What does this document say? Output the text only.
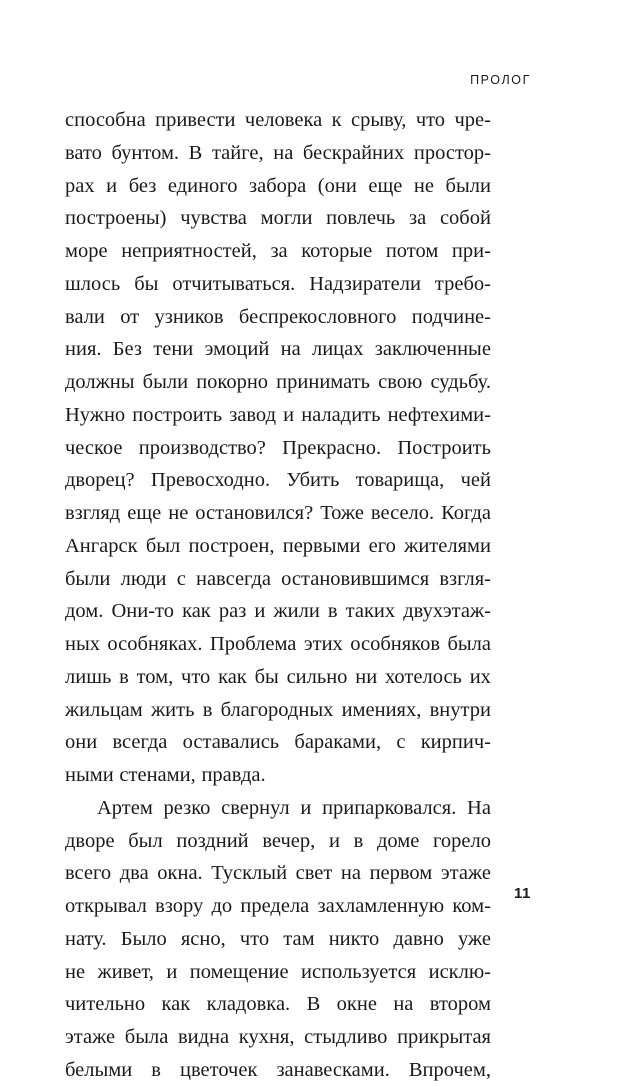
ПРОЛОГ
способна привести человека к срыву, что чре-
вато бунтом. В тайге, на бескрайних простор-
рах и без единого забора (они еще не были
построены) чувства могли повлечь за собой
море неприятностей, за которые потом при-
шлось бы отчитываться. Надзиратели требо-
вали от узников беспрекословного подчине-
ния. Без тени эмоций на лицах заключенные
должны были покорно принимать свою судьбу.
Нужно построить завод и наладить нефтехими-
ческое производство? Прекрасно. Построить
дворец? Превосходно. Убить товарища, чей
взгляд еще не остановился? Тоже весело. Когда
Ангарск был построен, первыми его жителями
были люди с навсегда остановившимся взгля-
дом. Они-то как раз и жили в таких двухэтаж-
ных особняках. Проблема этих особняков была
лишь в том, что как бы сильно ни хотелось их
жильцам жить в благородных имениях, внутри
они всегда оставались бараками, с кирпич-
ными стенами, правда.
Артем резко свернул и припарковался. На
дворе был поздний вечер, и в доме горело
всего два окна. Тусклый свет на первом этаже
открывал взору до предела захламленную ком-
нату. Было ясно, что там никто давно уже
не живет, и помещение используется исклю-
чительно как кладовка. В окне на втором
этаже была видна кухня, стыдливо прикрытая
белыми в цветочек занавесками. Впрочем,
11
